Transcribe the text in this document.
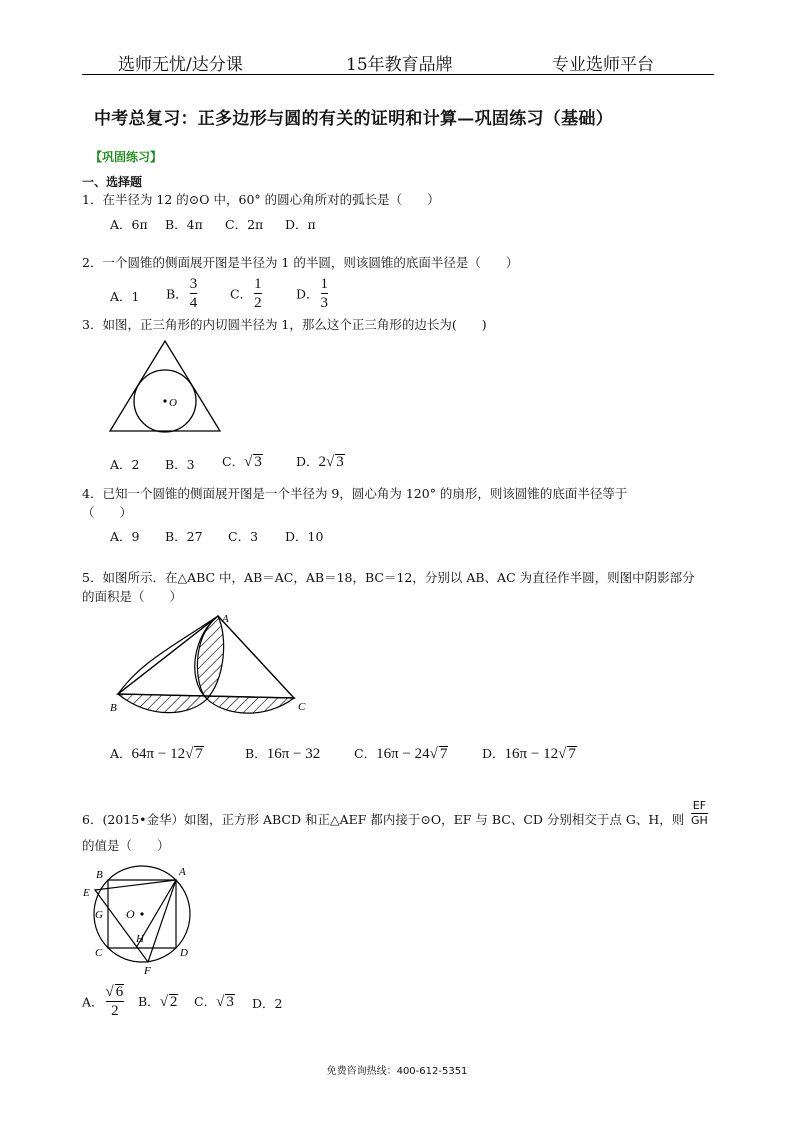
选师无忧/达分课	15年教育品牌	专业选师平台
中考总复习：正多边形与圆的有关的证明和计算—巩固练习（基础）
【巩固练习】
一、选择题
1．在半径为 12 的⊙O 中，60° 的圆心角所对的弧长是（　　）
A．6π B．4π C．2π D．π
2．一个圆锥的侧面展开图是半径为 1 的半圆，则该圆锥的底面半径是（　　）
A．1 B． $\frac{3}{4}$	C． $\frac{1}{2}$	D． $\frac{1}{3}$
3．如图，正三角形的内切圆半径为 1，那么这个正三角形的边长为(　　)
O
A．2 B．3 C．√ 3	D．2√ 3
4．已知一个圆锥的侧面展开图是一个半径为 9，圆心角为 120° 的扇形，则该圆锥的底面半径等于
（　　）
A．9 B．27 C．3 D．10
5．如图所示．在△ABC 中，AB＝AC，AB＝18，BC＝12，分别以 AB、AC 为直径作半圆，则图中阴影部分
的面积是（　　）
A
B	C
A．64π − 12√ 7	B．16π − 32	C．16π − 24√ 7	D．16π − 12√ 7
6．(2015•金华）如图，正方形 ABCD 和正△AEF 都内接于⊙O，EF 与 BC、CD 分别相交于点 G、H，则
EF
GH
的值是（　　）
B	A
E
G O
H
C	D
F
A． $\frac{√ 6}{2}$ B．√ 2 C．√ 3 D．2
免费咨询热线：400-612-5351
